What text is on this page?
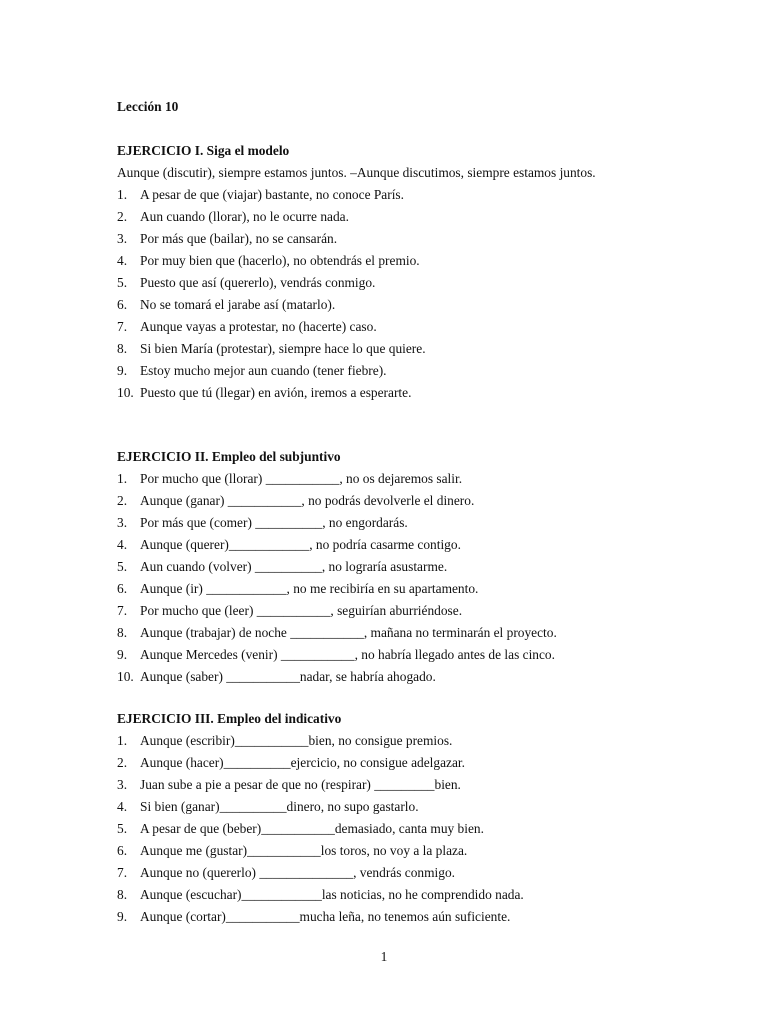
Lección 10
EJERCICIO I. Siga el modelo
Aunque (discutir), siempre estamos juntos. –Aunque discutimos, siempre estamos juntos.
1. A pesar de que (viajar) bastante, no conoce París.
2. Aun cuando (llorar), no le ocurre nada.
3. Por más que (bailar), no se cansarán.
4. Por muy bien que (hacerlo), no obtendrás el premio.
5. Puesto que así (quererlo), vendrás conmigo.
6. No se tomará el jarabe así (matarlo).
7. Aunque vayas a protestar, no (hacerte) caso.
8. Si bien María (protestar), siempre hace lo que quiere.
9. Estoy mucho mejor aun cuando (tener fiebre).
10. Puesto que tú (llegar) en avión, iremos a esperarte.
EJERCICIO II. Empleo del subjuntivo
1. Por mucho que (llorar) ___________, no os dejaremos salir.
2. Aunque (ganar) ___________, no podrás devolverle el dinero.
3. Por más que (comer) __________, no engordarás.
4. Aunque (querer)____________, no podría casarme contigo.
5. Aun cuando (volver) __________, no lograría asustarme.
6. Aunque (ir) ____________, no me recibiría en su apartamento.
7. Por mucho que (leer) ___________, seguirían aburriéndose.
8. Aunque (trabajar) de noche ___________, mañana no terminarán el proyecto.
9. Aunque Mercedes (venir) ___________, no habría llegado antes de las cinco.
10. Aunque (saber) ___________nadar, se habría ahogado.
EJERCICIO III. Empleo del indicativo
1. Aunque (escribir)___________bien, no consigue premios.
2. Aunque (hacer)__________ejercicio, no consigue adelgazar.
3. Juan sube a pie a pesar de que no (respirar) _________bien.
4. Si bien (ganar)__________dinero, no supo gastarlo.
5. A pesar de que (beber)___________demasiado, canta muy bien.
6. Aunque me (gustar)___________los toros, no voy a la plaza.
7. Aunque no (quererlo) ______________, vendrás conmigo.
8. Aunque (escuchar)____________las noticias, no he comprendido nada.
9. Aunque (cortar)___________mucha leña, no tenemos aún suficiente.
1
